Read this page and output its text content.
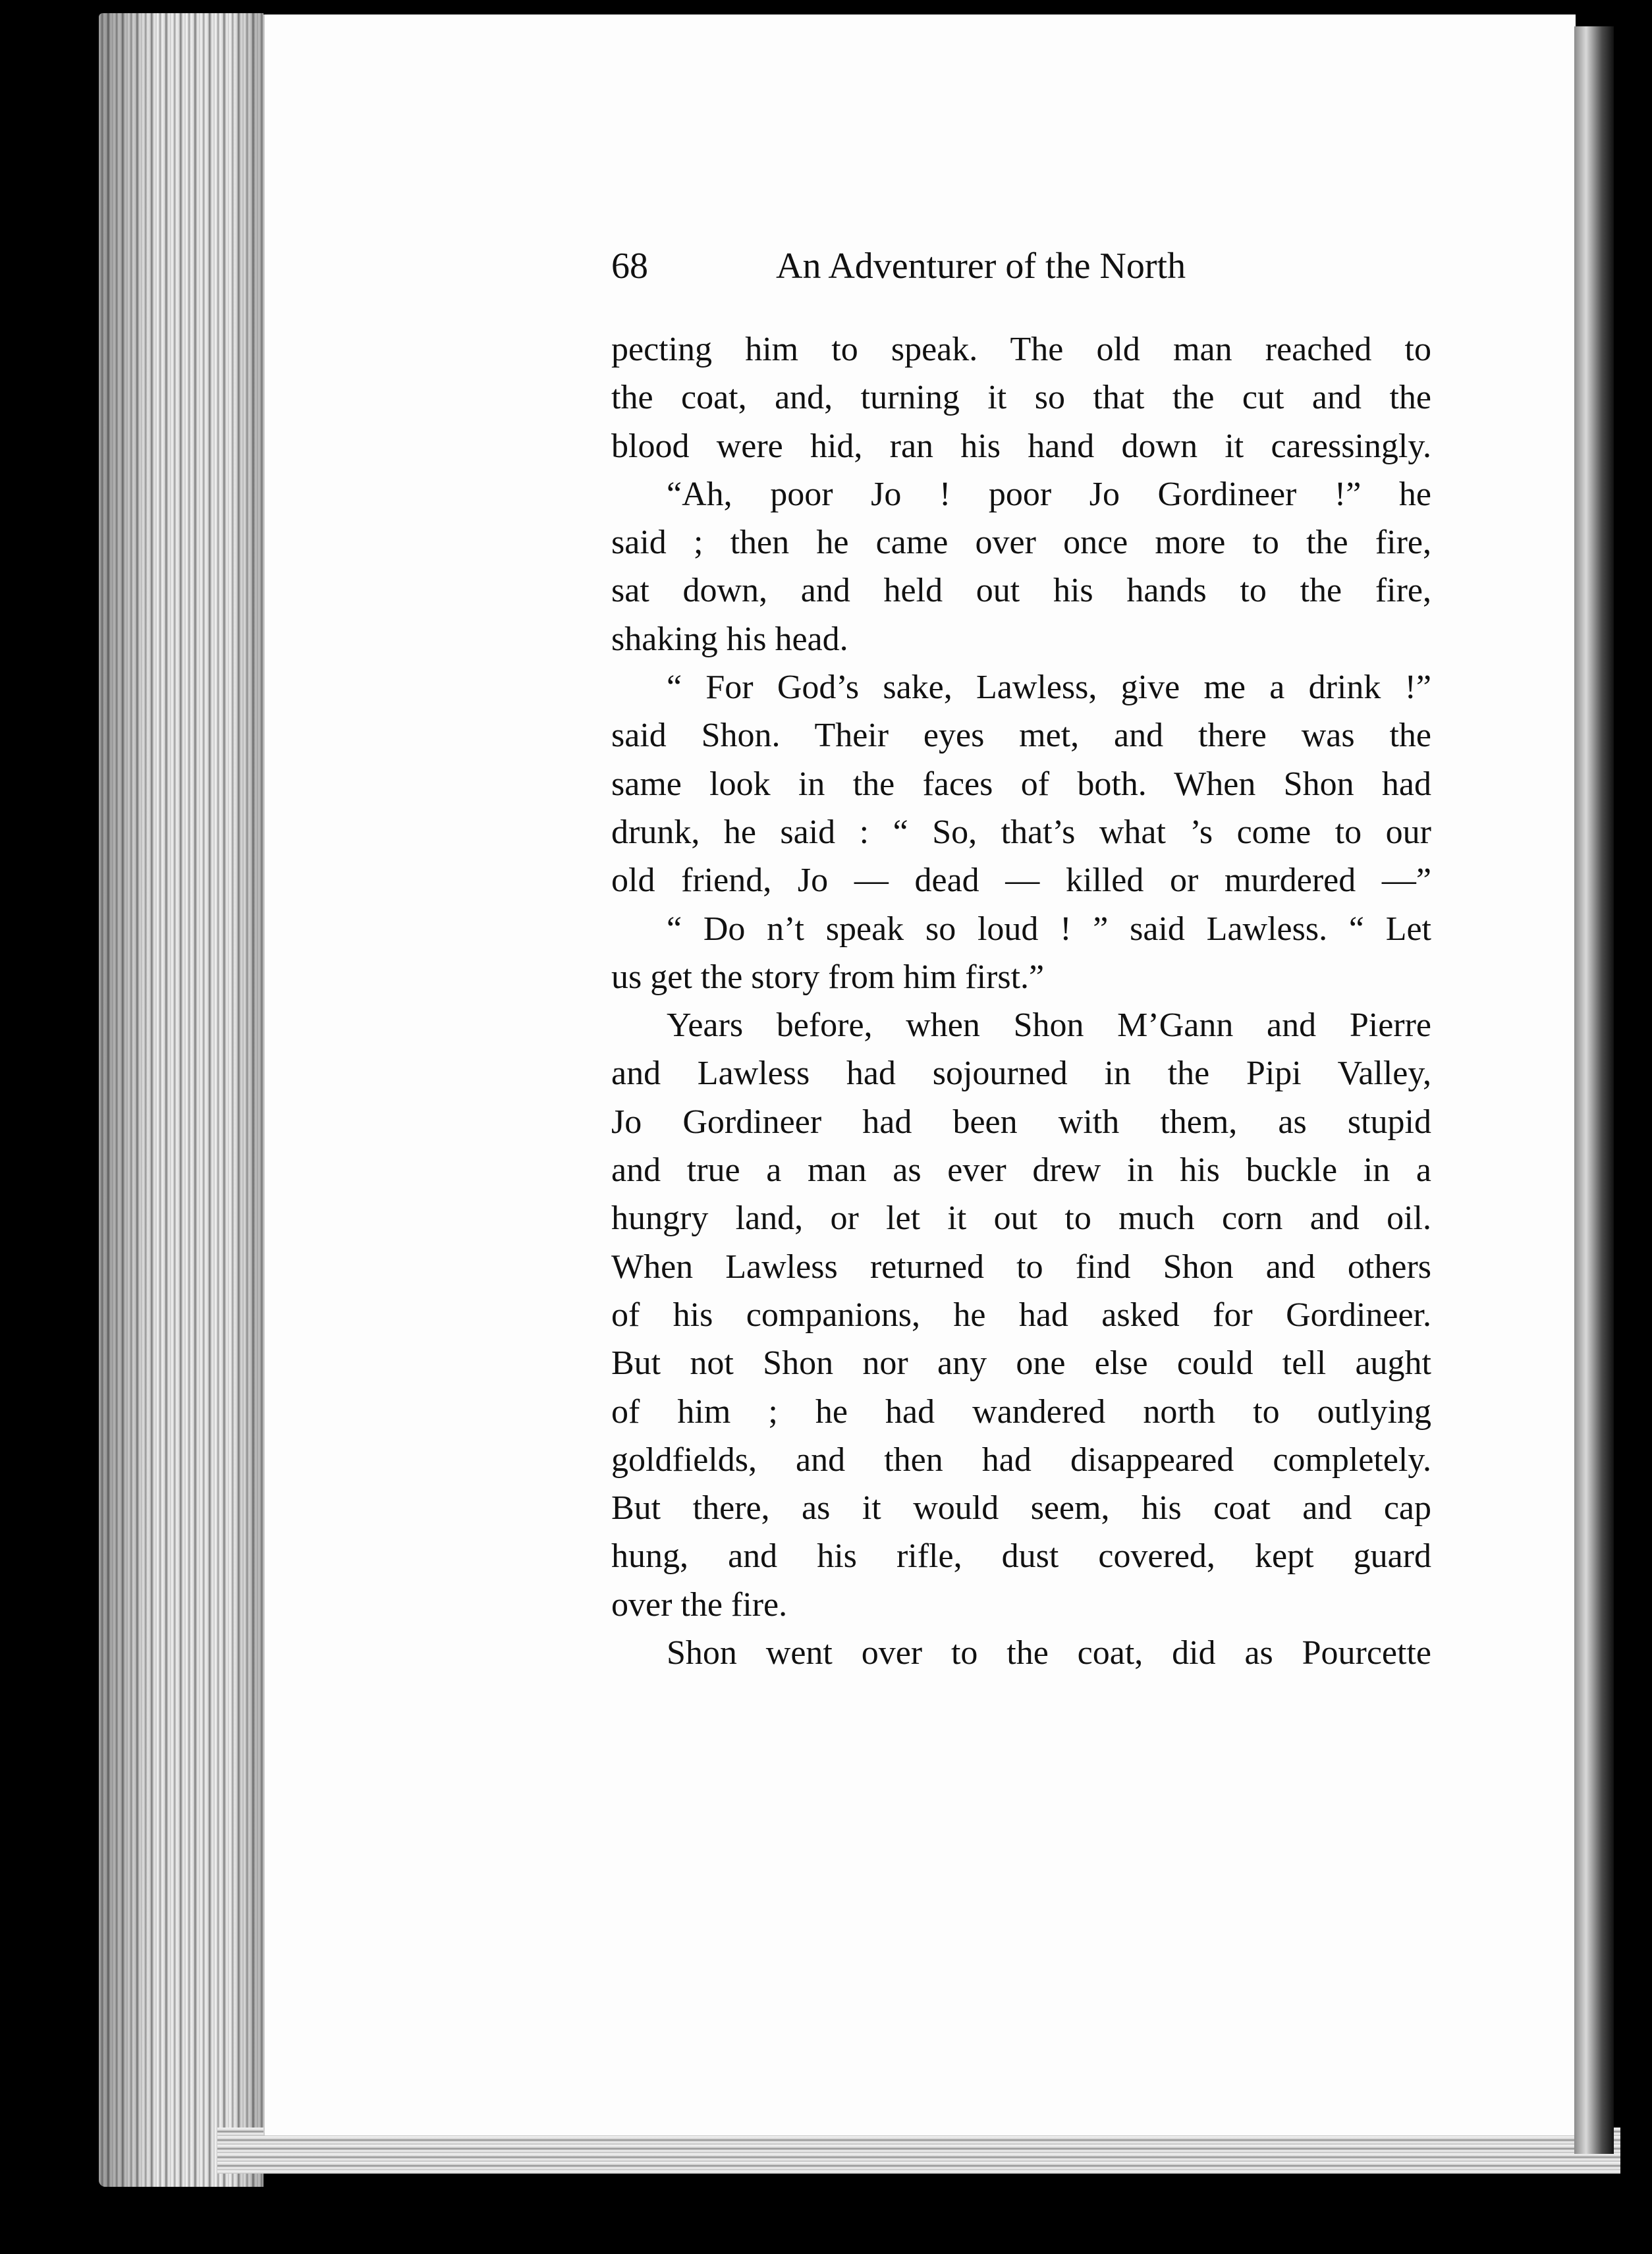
68	An Adventurer of the North
pecting him to speak. The old man reached to
the coat, and, turning it so that the cut and the
blood were hid, ran his hand down it caressingly.
“Ah, poor Jo ! poor Jo Gordineer !” he
said ; then he came over once more to the fire,
sat down, and held out his hands to the fire,
shaking his head.
“ For God’s sake, Lawless, give me a drink !”
said Shon. Their eyes met, and there was the
same look in the faces of both. When Shon had
drunk, he said : “ So, that’s what ’s come to our
old friend, Jo — dead — killed or murdered —”
“ Do n’t speak so loud ! ” said Lawless. “ Let
us get the story from him first.”
Years before, when Shon M’Gann and Pierre
and Lawless had sojourned in the Pipi Valley,
Jo Gordineer had been with them, as stupid
and true a man as ever drew in his buckle in a
hungry land, or let it out to much corn and oil.
When Lawless returned to find Shon and others
of his companions, he had asked for Gordineer.
But not Shon nor any one else could tell aught
of him ; he had wandered north to outlying
goldfields, and then had disappeared completely.
But there, as it would seem, his coat and cap
hung, and his rifle, dust covered, kept guard
over the fire.
Shon went over to the coat, did as Pourcette
